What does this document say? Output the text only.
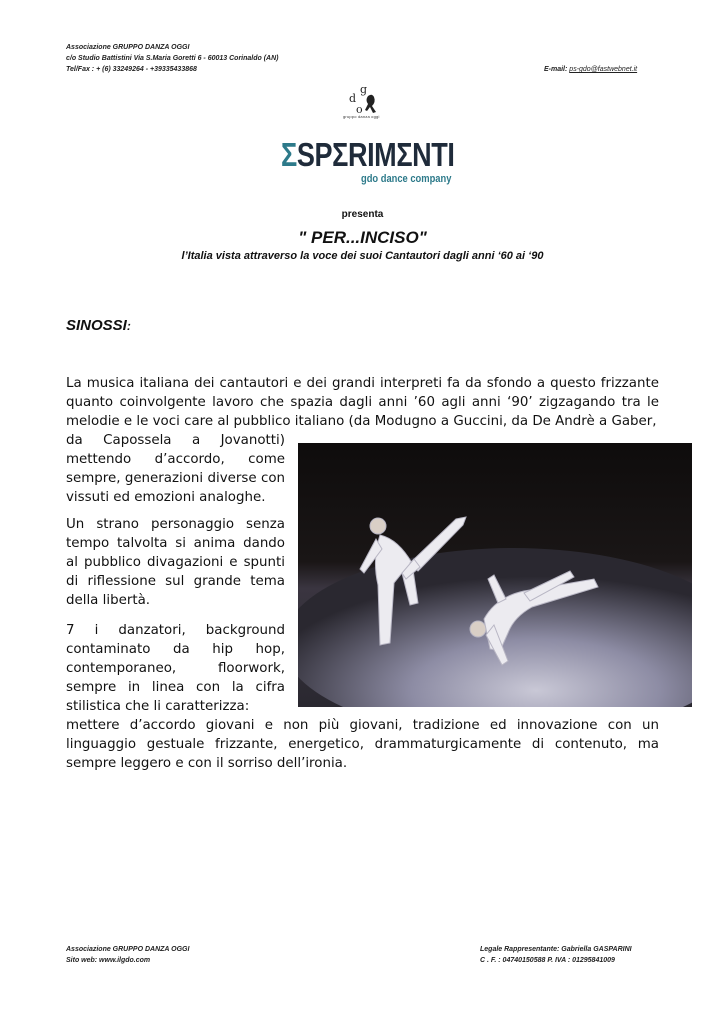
Associazione GRUPPO DANZA OGGI
c/o Studio Battistini Via S.Maria Goretti 6 - 60013 Corinaldo (AN)
Tel/Fax : + (6) 33249264 - +39335433868	E-mail: ps-gdo@fastwebnet.it
g
d
o
gruppo danza oggi
ΣSPΣRIMΣNTI
gdo dance company
presenta
" PER...INCISO"
l’Italia vista attraverso la voce dei suoi Cantautori dagli anni ‘60 ai ‘90
SINOSSI:

La musica italiana dei cantautori e dei grandi interpreti fa da sfondo a questo frizzante quanto coinvolgente lavoro che spazia dagli anni ’60 agli anni ‘90’ zigzagando tra le melodie e le voci care al pubblico italiano (da Modugno a Guccini, da De Andrè a Gaber,

da Capossela a Jovanotti) mettendo d’accordo, come sempre, generazioni diverse con vissuti ed emozioni analoghe.

Un strano personaggio senza tempo talvolta si anima dando al pubblico divagazioni e spunti di riflessione sul grande tema della libertà.

7 i danzatori, background contaminato da hip hop, contemporaneo, floorwork, sempre in linea con la cifra stilistica che li caratterizza:

mettere d’accordo giovani e non più giovani, tradizione ed innovazione con un linguaggio gestuale frizzante, energetico, drammaturgicamente di contenuto, ma sempre leggero e con il sorriso dell’ironia.

Associazione GRUPPO DANZA OGGI
Sito web: www.ilgdo.com
Legale Rappresentante: Gabriella GASPARINI
C . F. : 04740150588 P. IVA : 01295841009
